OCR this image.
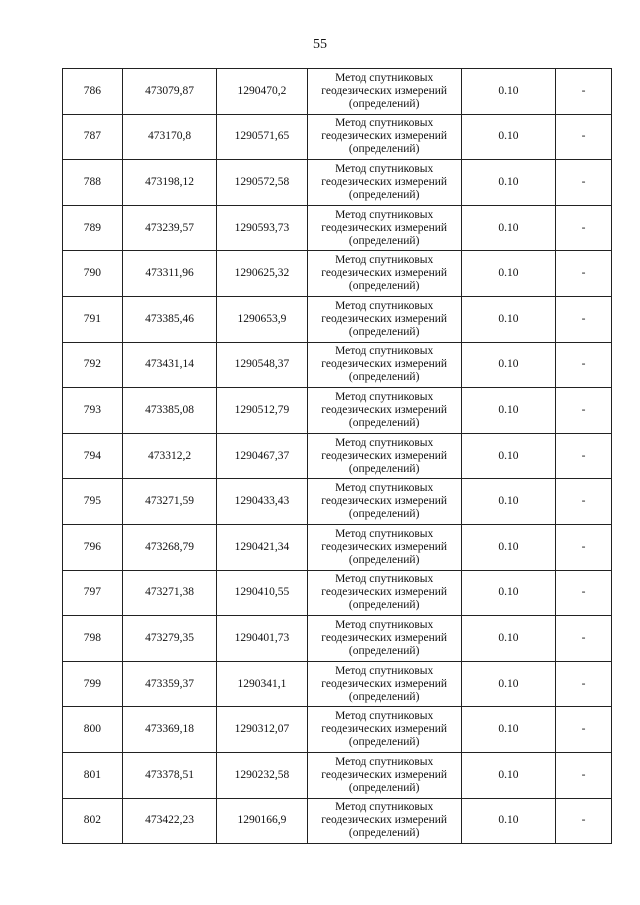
55
786	473079,87	1290470,2	Метод спутниковых
геодезических измерений
(определений)	0.10	-
787	473170,8	1290571,65	Метод спутниковых
геодезических измерений
(определений)	0.10	-
788	473198,12	1290572,58	Метод спутниковых
геодезических измерений
(определений)	0.10	-
789	473239,57	1290593,73	Метод спутниковых
геодезических измерений
(определений)	0.10	-
790	473311,96	1290625,32	Метод спутниковых
геодезических измерений
(определений)	0.10	-
791	473385,46	1290653,9	Метод спутниковых
геодезических измерений
(определений)	0.10	-
792	473431,14	1290548,37	Метод спутниковых
геодезических измерений
(определений)	0.10	-
793	473385,08	1290512,79	Метод спутниковых
геодезических измерений
(определений)	0.10	-
794	473312,2	1290467,37	Метод спутниковых
геодезических измерений
(определений)	0.10	-
795	473271,59	1290433,43	Метод спутниковых
геодезических измерений
(определений)	0.10	-
796	473268,79	1290421,34	Метод спутниковых
геодезических измерений
(определений)	0.10	-
797	473271,38	1290410,55	Метод спутниковых
геодезических измерений
(определений)	0.10	-
798	473279,35	1290401,73	Метод спутниковых
геодезических измерений
(определений)	0.10	-
799	473359,37	1290341,1	Метод спутниковых
геодезических измерений
(определений)	0.10	-
800	473369,18	1290312,07	Метод спутниковых
геодезических измерений
(определений)	0.10	-
801	473378,51	1290232,58	Метод спутниковых
геодезических измерений
(определений)	0.10	-
802	473422,23	1290166,9	Метод спутниковых
геодезических измерений
(определений)	0.10	-
